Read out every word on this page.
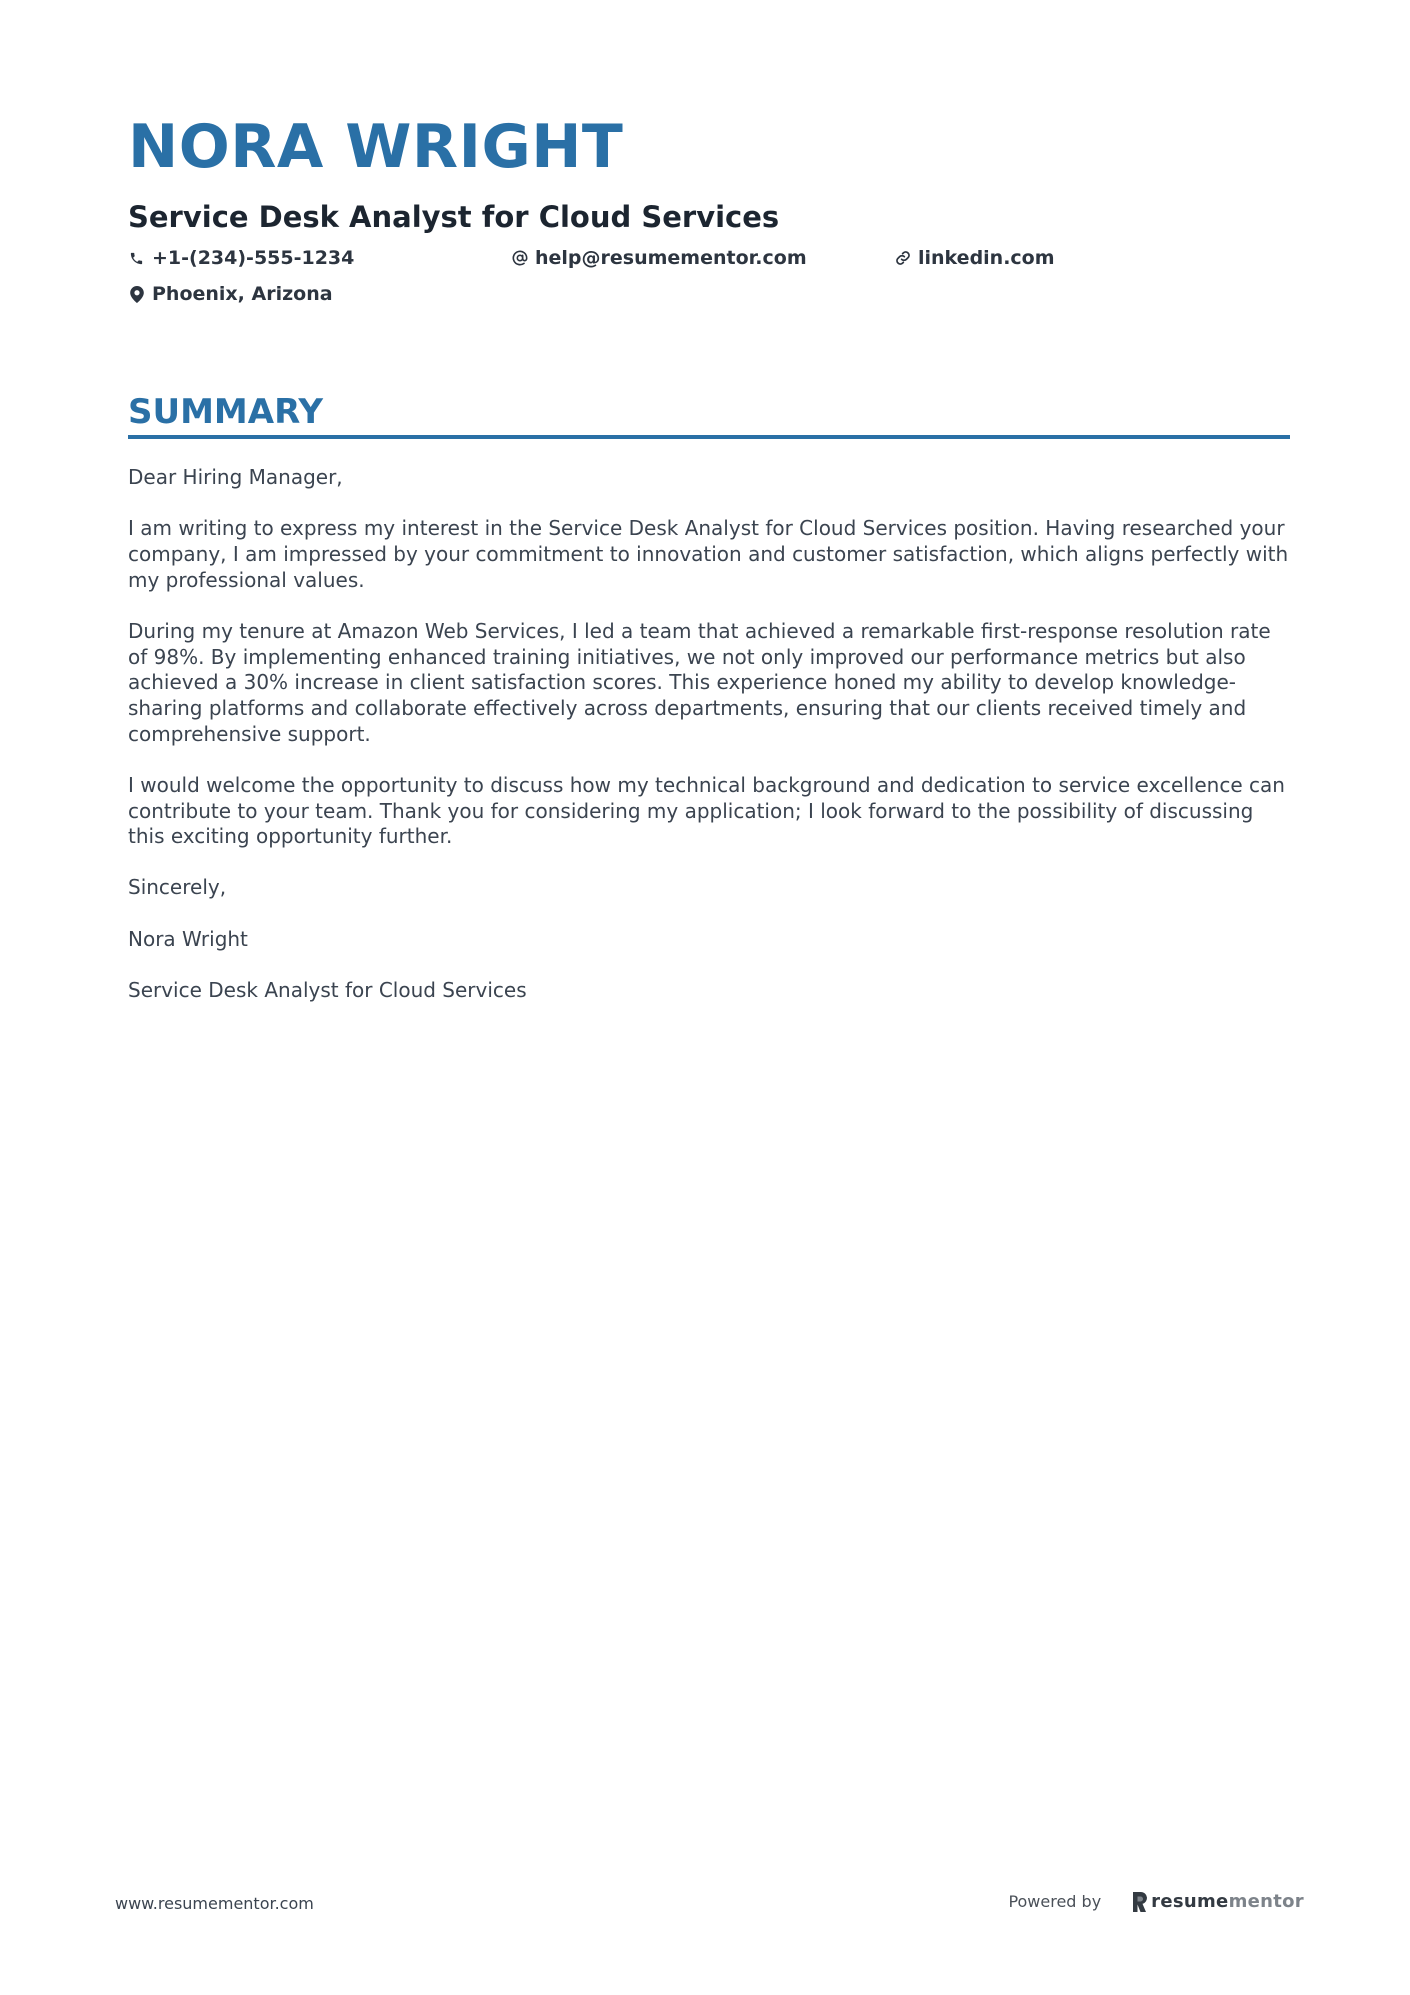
NORA WRIGHT
Service Desk Analyst for Cloud Services
+1-(234)-555-1234	help@resumementor.com	linkedin.com
Phoenix, Arizona
SUMMARY

Dear Hiring Manager,

I am writing to express my interest in the Service Desk Analyst for Cloud Services position. Having researched your company, I am impressed by your commitment to innovation and customer satisfaction, which aligns perfectly with my professional values.

During my tenure at Amazon Web Services, I led a team that achieved a remarkable first-response resolution rate of 98%. By implementing enhanced training initiatives, we not only improved our performance metrics but also achieved a 30% increase in client satisfaction scores. This experience honed my ability to develop knowledge-sharing platforms and collaborate effectively across departments, ensuring that our clients received timely and comprehensive support.

I would welcome the opportunity to discuss how my technical background and dedication to service excellence can contribute to your team. Thank you for considering my application; I look forward to the possibility of discussing this exciting opportunity further.

Sincerely,

Nora Wright

Service Desk Analyst for Cloud Services

www.resumementor.com	Powered by	resume mentor
